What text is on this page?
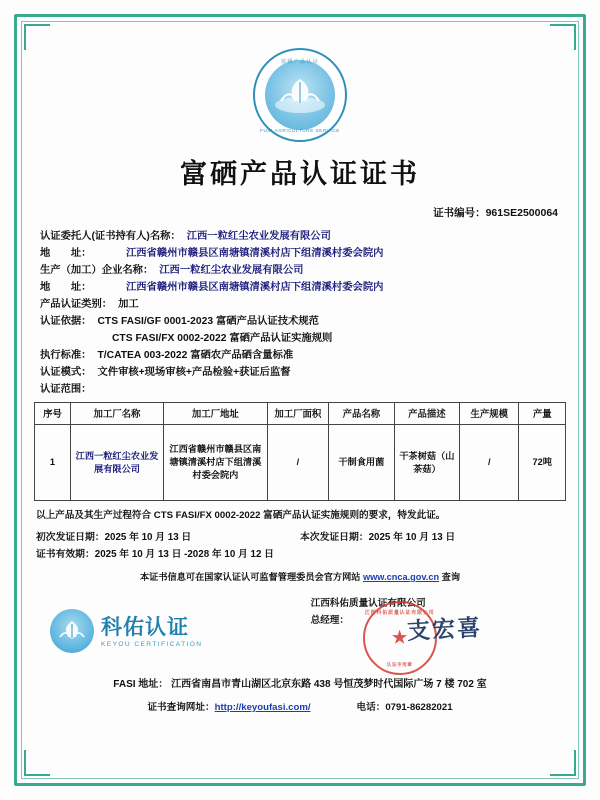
富硒产品认证
FUXI AGRICULTURE SERVICE
富硒产品认证证书
证书编号：961SE2500064
认证委托人(证书持有人)名称： 江西一粒红尘农业发展有限公司
地　　址：	江西省赣州市赣县区南塘镇清溪村店下组清溪村委会院内
生产（加工）企业名称： 江西一粒红尘农业发展有限公司
地　　址：	江西省赣州市赣县区南塘镇清溪村店下组清溪村委会院内
产品认证类别： 加工
认证依据： CTS FASI/GF 0001-2023 富硒产品认证技术规范
CTS FASI/FX 0002-2022 富硒产品认证实施规则
执行标准： T/CATEA 003-2022 富硒农产品硒含量标准
认证模式： 文件审核+现场审核+产品检验+获证后监督
认证范围：
序号	加工厂名称	加工厂地址	加工厂面积	产品名称	产品描述	生产规模	产量
1	江西一粒红尘农业发展有限公司	江西省赣州市赣县区南塘镇清溪村店下组清溪村委会院内	/	干制食用菌	干茶树菇（山茶菇）	/	72吨
以上产品及其生产过程符合 CTS FASI/FX 0002-2022 富硒产品认证实施规则的要求，特发此证。
初次发证日期：2025 年 10 月 13 日	本次发证日期：2025 年 10 月 13 日
证书有效期：2025 年 10 月 13 日 -2028 年 10 月 12 日
本证书信息可在国家认证认可监督管理委员会官方网站 www.cnca.gov.cn 查询
科佑认证
KEYOU CERTIFICATION
江西科佑质量认证有限公司
总经理：
江西科佑质量认证有限公司
★
认证专用章
支宏喜
FASI 地址： 江西省南昌市青山湖区北京东路 438 号恒茂梦时代国际广场 7 楼 702 室
证书查询网址：http://keyoufasi.com/	电话：0791-86282021
